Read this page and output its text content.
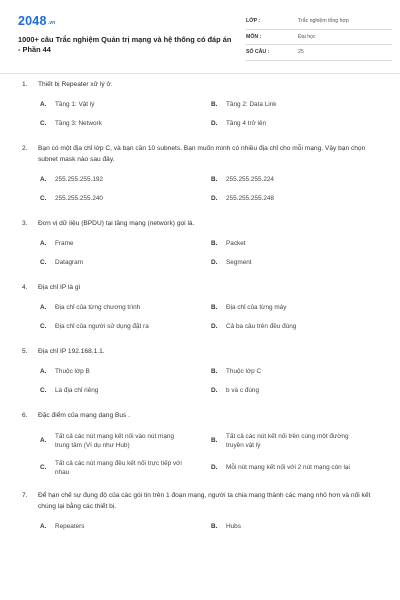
2048.vn
1000+ câu Trắc nghiệm Quản trị mạng và hệ thống có đáp án - Phần 44
LỚP :	Trắc nghiệm tổng hợp
MÔN :	Đại học
SỐ CÂU :	25
1. Thiết bị Repeater xử lý ở.
A.	Tầng 1: Vật lý	B.	Tầng 2: Data Link
C.	Tầng 3: Network	D.	Tầng 4 trở lên
2. Bạn có một địa chỉ lớp C, và bạn cần 10 subnets. Bạn muốn mình có nhiều địa chỉ cho mỗi mạng. Vậy bạn chọn subnet mask nào sau đây.
A.	255.255.255.192	B.	255.255.255.224
C.	255.255.255.240	D.	255.255.255.248
3. Đơn vị dữ liệu (BPDU) tại tầng mạng (network) gọi là.
A.	Frame	B.	Packet
C.	Datagram	D.	Segment
4. Địa chỉ IP là gì
A.	Địa chỉ của từng chương trình	B.	Địa chỉ của từng máy
C.	Địa chỉ của người sử dụng đặt ra	D.	Cả ba câu trên đều đúng
5. Địa chỉ IP 192.168.1.1.
A.	Thuộc lớp B	B.	Thuộc lớp C
C.	Là địa chỉ riêng	D.	b và c đúng
6. Đặc điểm của mạng dạng Bus .
A.
Tất cả các nút mạng kết nối vào nút mạng trung tâm (Ví dụ như Hub)
B.
Tất cả các nút kết nối trên cùng một đường truyền vật lý
C.
Tất cả các nút mạng đều kết nối trực tiếp với nhau
D.	Mỗi nút mạng kết nối với 2 nút mạng còn lại
7. Để hạn chế sự đụng độ của các gói tin trên 1 đoạn mạng, người ta chia mạng thành các mạng nhỏ hơn và nối kết chúng lại bằng các thiết bị.
A.	Repeaters	B.	Hubs
